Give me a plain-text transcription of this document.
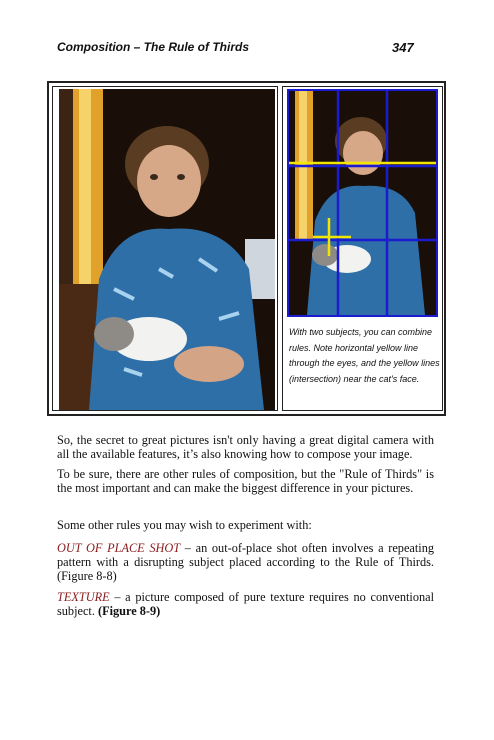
Composition – The Rule of Thirds	347
With two subjects, you can combine rules. Note horizontal yellow line through the eyes, and the yellow lines (intersection) near the cat's face.

So, the secret to great pictures isn't only having a great digital camera with all the available features, it’s also knowing how to compose your image.

To be sure, there are other rules of composition, but the "Rule of Thirds" is the most important and can make the biggest difference in your pictures.

Some other rules you may wish to experiment with:

OUT OF PLACE SHOT – an out-of-place shot often involves a repeating pattern with a disrupting subject placed according to the Rule of Thirds. (Figure 8-8)

TEXTURE – a picture composed of pure texture requires no conventional subject. (Figure 8-9)
